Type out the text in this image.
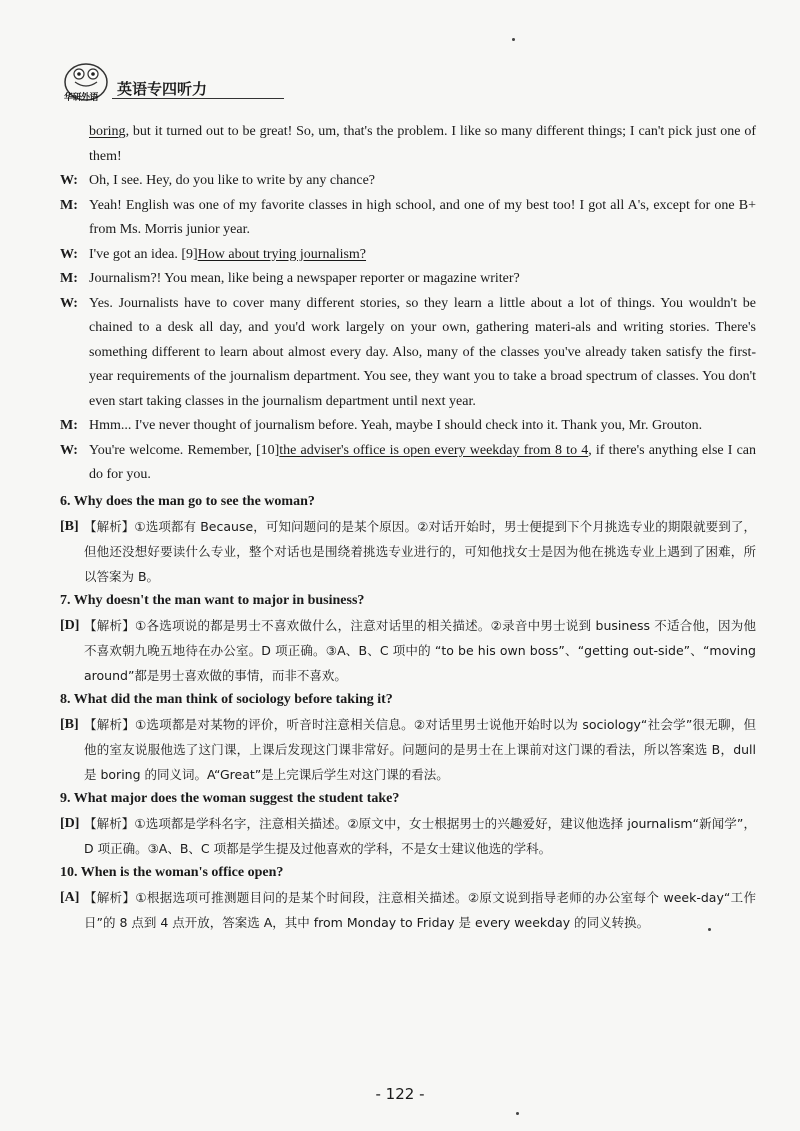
华研外语 英语专四听力
boring, but it turned out to be great! So, um, that's the problem. I like so many different things; I can't pick just one of them!
W: Oh, I see. Hey, do you like to write by any chance?
M: Yeah! English was one of my favorite classes in high school, and one of my best too! I got all A's, except for one B+ from Ms. Morris junior year.
W: I've got an idea. [9]How about trying journalism?
M: Journalism?! You mean, like being a newspaper reporter or magazine writer?
W: Yes. Journalists have to cover many different stories, so they learn a little about a lot of things. You wouldn't be chained to a desk all day, and you'd work largely on your own, gathering materi-als and writing stories. There's something different to learn about almost every day. Also, many of the classes you've already taken satisfy the first-year requirements of the journalism department. You see, they want you to take a broad spectrum of classes. You don't even start taking classes in the journalism department until next year.
M: Hmm... I've never thought of journalism before. Yeah, maybe I should check into it. Thank you, Mr. Grouton.
W: You're welcome. Remember, [10]the adviser's office is open every weekday from 8 to 4, if there's anything else I can do for you.
6. Why does the man go to see the woman?
[B] 【解析】①选项都有 Because，可知问题问的是某个原因。②对话开始时，男士便提到下个月挑选专业的期限就要到了，但他还没想好要读什么专业，整个对话也是围绕着挑选专业进行的，可知他找女士是因为他在挑选专业上遇到了困难，所以答案为 B。
7. Why doesn't the man want to major in business?
[D] 【解析】①各选项说的都是男士不喜欢做什么，注意对话里的相关描述。②录音中男士说到 business 不适合他，因为他不喜欢朝九晚五地待在办公室。D 项正确。③A、B、C 项中的 “to be his own boss”、“getting out-side”、“moving around”都是男士喜欢做的事情，而非不喜欢。
8. What did the man think of sociology before taking it?
[B] 【解析】①选项都是对某物的评价，听音时注意相关信息。②对话里男士说他开始时以为 sociology“社会学”很无聊，但他的室友说服他选了这门课，上课后发现这门课非常好。问题问的是男士在上课前对这门课的看法，所以答案选 B，dull 是 boring 的同义词。A“Great”是上完课后学生对这门课的看法。
9. What major does the woman suggest the student take?
[D] 【解析】①选项都是学科名字，注意相关描述。②原文中，女士根据男士的兴趣爱好，建议他选择 journalism“新闻学”，D 项正确。③A、B、C 项都是学生提及过他喜欢的学科，不是女士建议他选的学科。
10. When is the woman's office open?
[A] 【解析】①根据选项可推测题目问的是某个时间段，注意相关描述。②原文说到指导老师的办公室每个 week-day“工作日”的 8 点到 4 点开放，答案选 A，其中 from Monday to Friday 是 every weekday 的同义转换。
- 122 -
